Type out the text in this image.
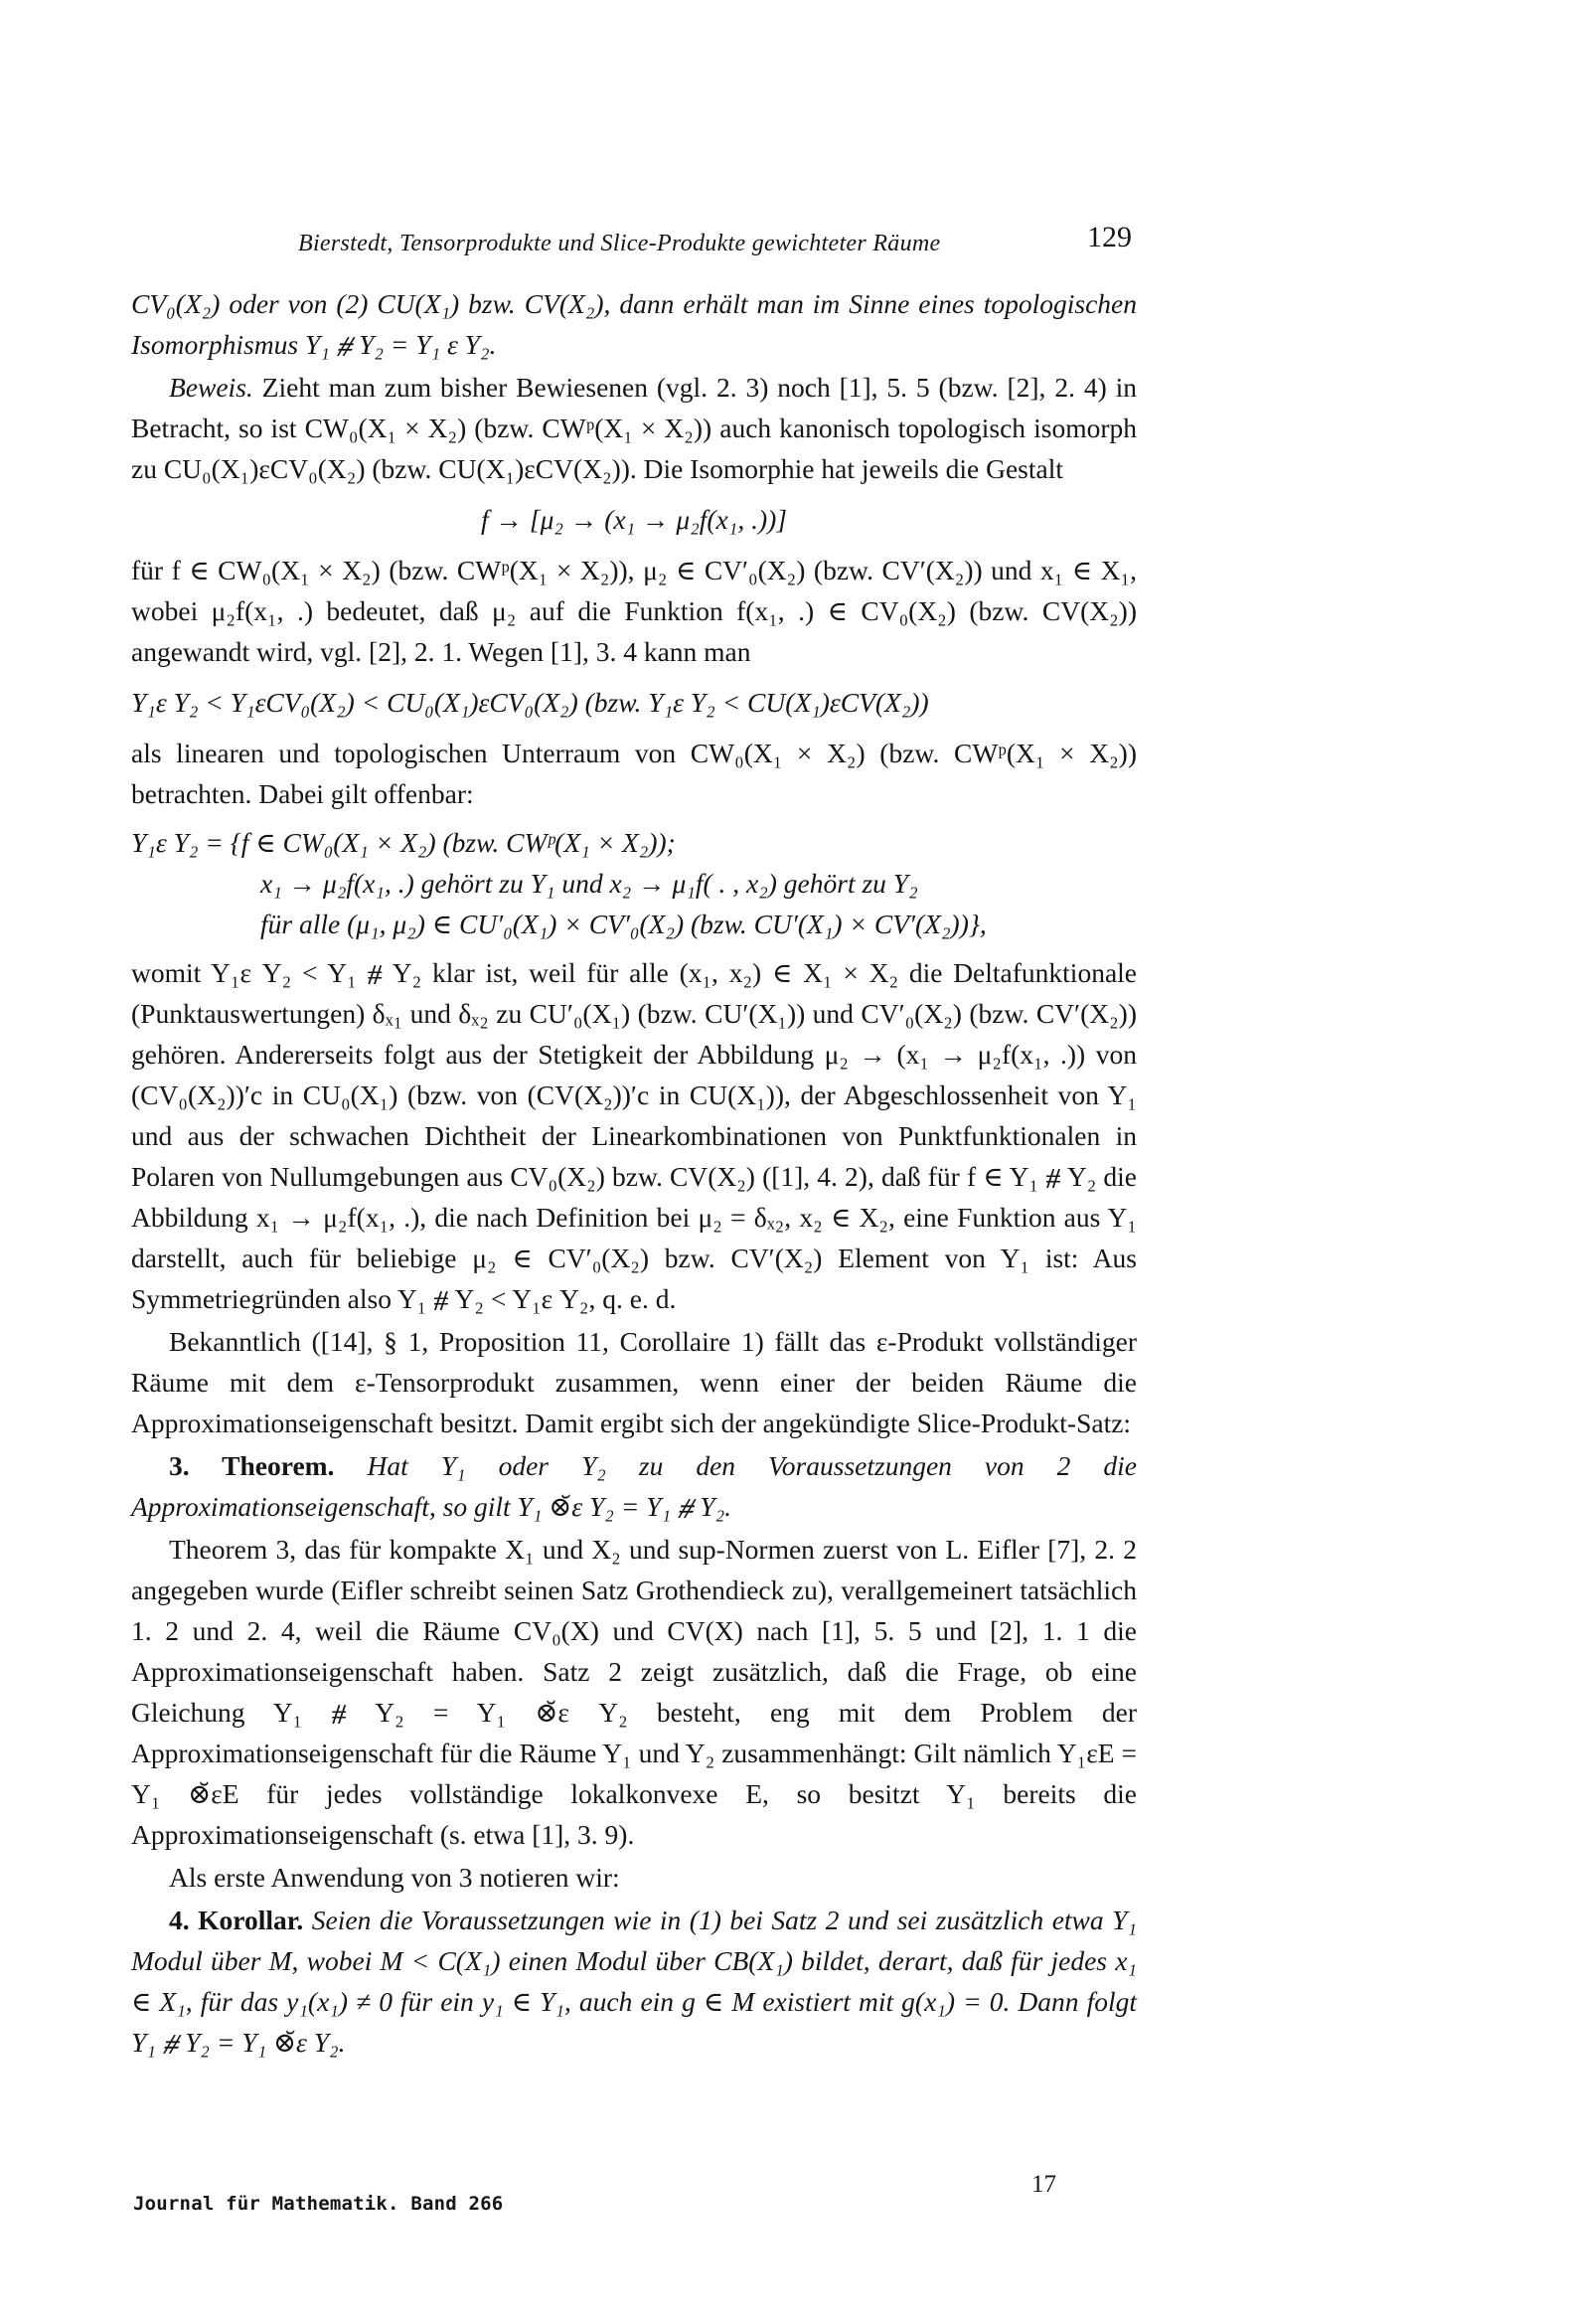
Bierstedt, Tensorprodukte und Slice-Produkte gewichteter Räume	129

CV₀(X₂) oder von (2) CU(X₁) bzw. CV(X₂), dann erhält man im Sinne eines topologischen Isomorphismus Y₁ ⧣ Y₂ = Y₁ ε Y₂.

Beweis. Zieht man zum bisher Bewiesenen (vgl. 2. 3) noch [1], 5. 5 (bzw. [2], 2. 4) in Betracht, so ist CW₀(X₁ × X₂) (bzw. CWᵖ(X₁ × X₂)) auch kanonisch topologisch isomorph zu CU₀(X₁)εCV₀(X₂) (bzw. CU(X₁)εCV(X₂)). Die Isomorphie hat jeweils die Gestalt

f → [μ₂ → (x₁ → μ₂f(x₁, .))]

für f ∈ CW₀(X₁ × X₂) (bzw. CWᵖ(X₁ × X₂)), μ₂ ∈ CV′₀(X₂) (bzw. CV′(X₂)) und x₁ ∈ X₁, wobei μ₂f(x₁, .) bedeutet, daß μ₂ auf die Funktion f(x₁, .) ∈ CV₀(X₂) (bzw. CV(X₂)) angewandt wird, vgl. [2], 2. 1. Wegen [1], 3. 4 kann man

Y₁ε Y₂ < Y₁εCV₀(X₂) < CU₀(X₁)εCV₀(X₂) (bzw. Y₁ε Y₂ < CU(X₁)εCV(X₂))

als linearen und topologischen Unterraum von CW₀(X₁ × X₂) (bzw. CWᵖ(X₁ × X₂)) betrachten. Dabei gilt offenbar:

Y₁ε Y₂ = {f ∈ CW₀(X₁ × X₂) (bzw. CWᵖ(X₁ × X₂));
x₁ → μ₂f(x₁, .) gehört zu Y₁ und x₂ → μ₁f( . , x₂) gehört zu Y₂
für alle (μ₁, μ₂) ∈ CU′₀(X₁) × CV′₀(X₂) (bzw. CU′(X₁) × CV′(X₂))},

womit Y₁ε Y₂ < Y₁ ⧣ Y₂ klar ist, weil für alle (x₁, x₂) ∈ X₁ × X₂ die Deltafunktionale (Punktauswertungen) δₓ₁ und δₓ₂ zu CU′₀(X₁) (bzw. CU′(X₁)) und CV′₀(X₂) (bzw. CV′(X₂)) gehören. Andererseits folgt aus der Stetigkeit der Abbildung μ₂ → (x₁ → μ₂f(x₁, .)) von (CV₀(X₂))′c in CU₀(X₁) (bzw. von (CV(X₂))′c in CU(X₁)), der Abgeschlossenheit von Y₁ und aus der schwachen Dichtheit der Linearkombinationen von Punktfunktionalen in Polaren von Nullumgebungen aus CV₀(X₂) bzw. CV(X₂) ([1], 4. 2), daß für f ∈ Y₁ ⧣ Y₂ die Abbildung x₁ → μ₂f(x₁, .), die nach Definition bei μ₂ = δₓ₂, x₂ ∈ X₂, eine Funktion aus Y₁ darstellt, auch für beliebige μ₂ ∈ CV′₀(X₂) bzw. CV′(X₂) Element von Y₁ ist: Aus Symmetriegründen also Y₁ ⧣ Y₂ < Y₁ε Y₂, q. e. d.

Bekanntlich ([14], § 1, Proposition 11, Corollaire 1) fällt das ε-Produkt vollständiger Räume mit dem ε-Tensorprodukt zusammen, wenn einer der beiden Räume die Approximationseigenschaft besitzt. Damit ergibt sich der angekündigte Slice-Produkt-Satz:

3. Theorem. Hat Y₁ oder Y₂ zu den Voraussetzungen von 2 die Approximationseigenschaft, so gilt Y₁ ⊗̆ε Y₂ = Y₁ ⧣ Y₂.

Theorem 3, das für kompakte X₁ und X₂ und sup-Normen zuerst von L. Eifler [7], 2. 2 angegeben wurde (Eifler schreibt seinen Satz Grothendieck zu), verallgemeinert tatsächlich 1. 2 und 2. 4, weil die Räume CV₀(X) und CV(X) nach [1], 5. 5 und [2], 1. 1 die Approximationseigenschaft haben. Satz 2 zeigt zusätzlich, daß die Frage, ob eine Gleichung Y₁ ⧣ Y₂ = Y₁ ⊗̆ε Y₂ besteht, eng mit dem Problem der Approximationseigenschaft für die Räume Y₁ und Y₂ zusammenhängt: Gilt nämlich Y₁εE = Y₁ ⊗̆εE für jedes vollständige lokalkonvexe E, so besitzt Y₁ bereits die Approximationseigenschaft (s. etwa [1], 3. 9).

Als erste Anwendung von 3 notieren wir:

4. Korollar. Seien die Voraussetzungen wie in (1) bei Satz 2 und sei zusätzlich etwa Y₁ Modul über M, wobei M < C(X₁) einen Modul über CB(X₁) bildet, derart, daß für jedes x₁ ∈ X₁, für das y₁(x₁) ≠ 0 für ein y₁ ∈ Y₁, auch ein g ∈ M existiert mit g(x₁) = 0. Dann folgt Y₁ ⧣ Y₂ = Y₁ ⊗̆ε Y₂.

17
Journal für Mathematik. Band 266
